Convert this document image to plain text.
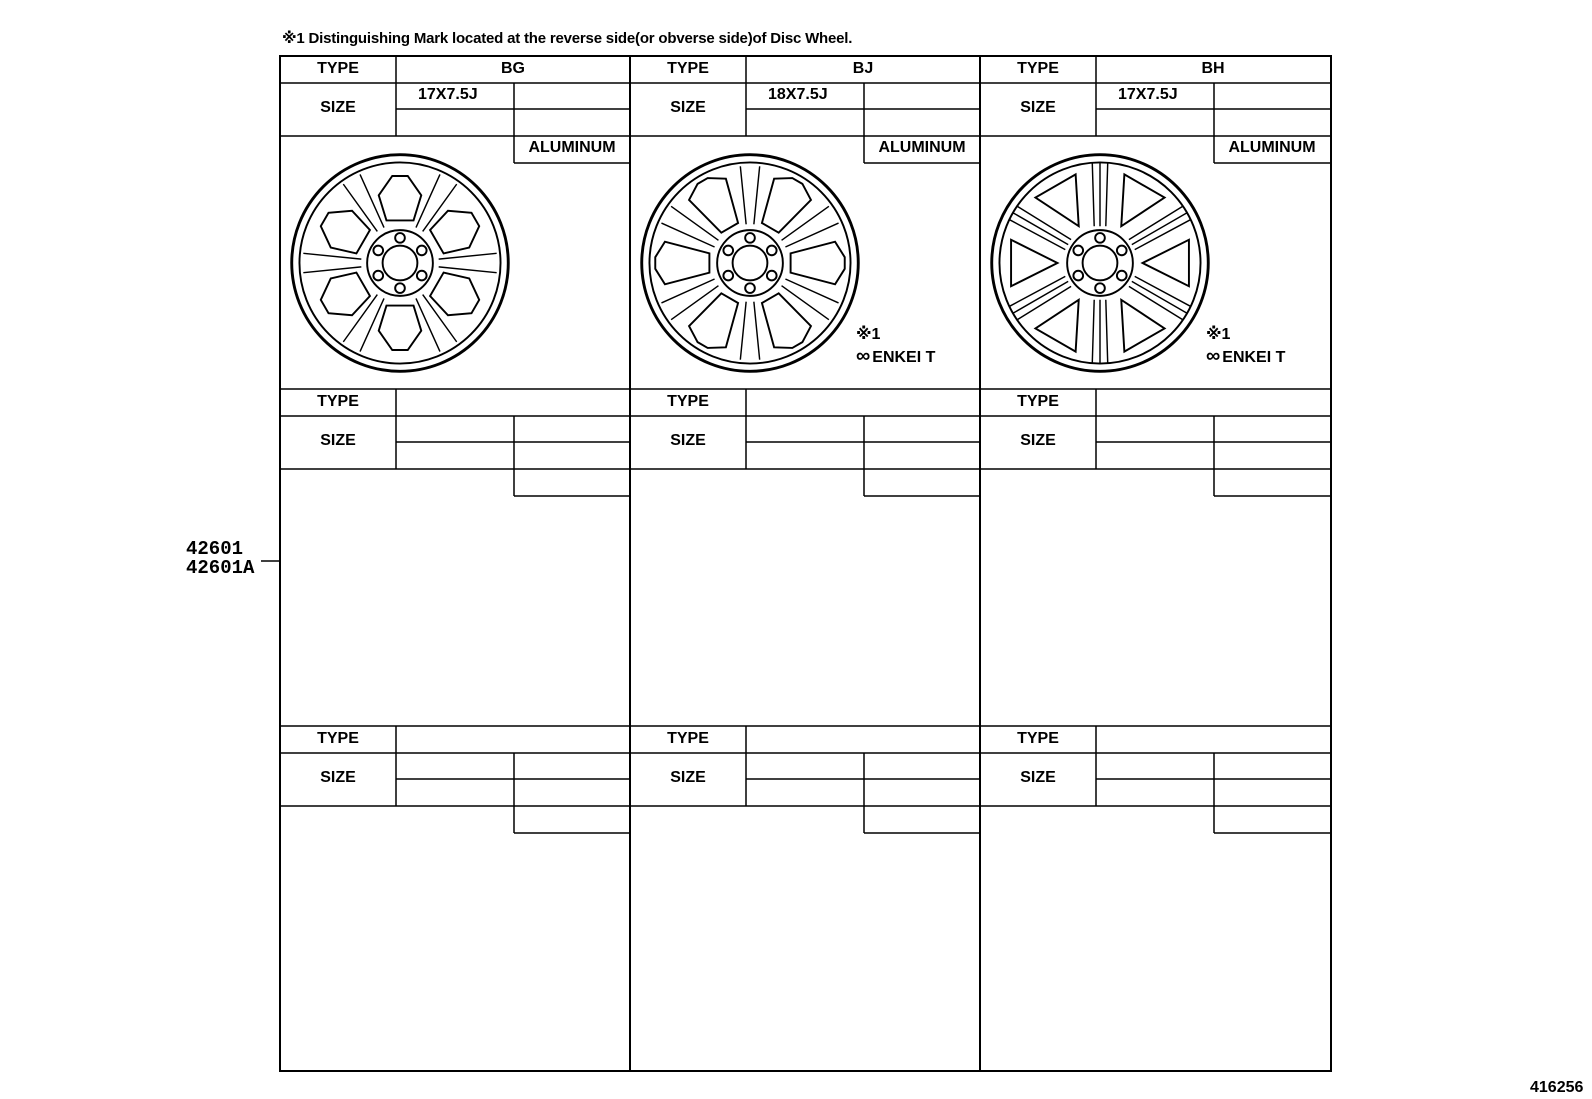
※1 Distinguishing Mark located at the reverse side(or obverse side)of Disc Wheel.
42601
42601A
416256
TYPE
SIZE
BG
17X7.5J
ALUMINUM
TYPE
SIZE
BJ
18X7.5J
ALUMINUM
TYPE
SIZE
BH
17X7.5J
ALUMINUM
TYPE
SIZE
TYPE
SIZE
TYPE
SIZE
TYPE
SIZE
TYPE
SIZE
TYPE
SIZE
※1
∞ ENKEI T
※1
∞ ENKEI T
